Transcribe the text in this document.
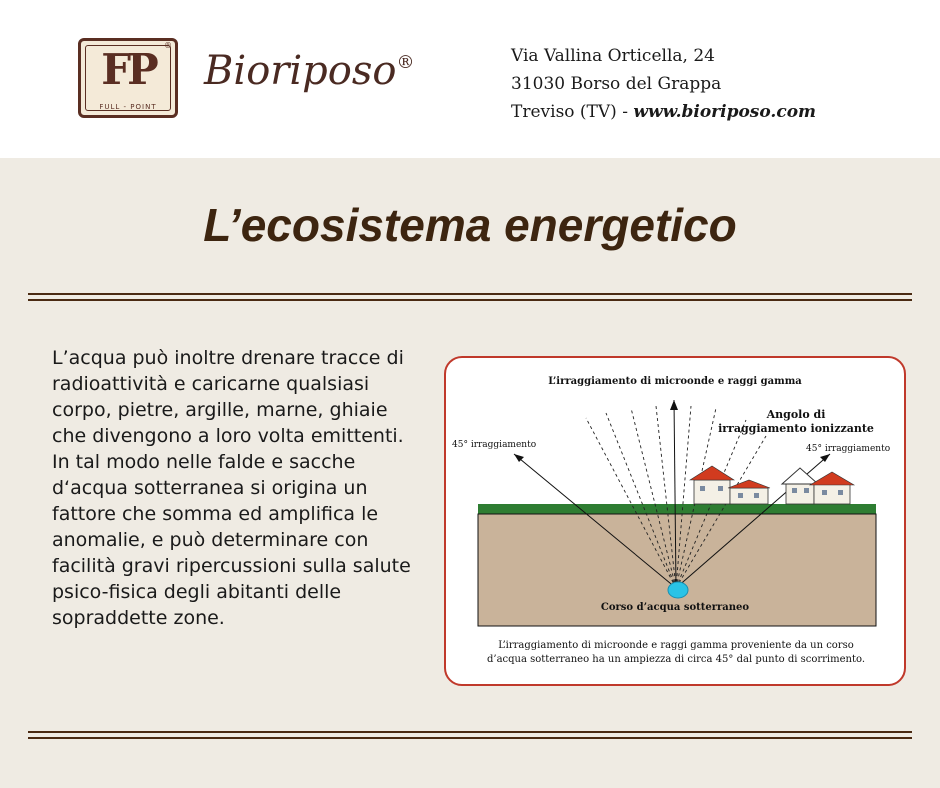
FP
FULL - POINT
®
Bioriposo®	Via Vallina Orticella, 24
31030 Borso del Grappa
Treviso (TV) - www.bioriposo.com
L’ecosistema energetico
L’acqua può inoltre drenare tracce di radioattività e caricarne qualsiasi corpo, pietre, argille, marne, ghiaie che divengono a loro volta emittenti. In tal modo nelle falde e sacche d‘acqua sotterranea si origina un fattore che somma ed amplifica le anomalie, e può determinare con facilità gravi ripercussioni sulla salute psico-fisica degli abitanti delle sopraddette zone.
L’irraggiamento di microonde e raggi gamma
Angolo di
irraggiamento ionizzante
45° irraggiamento	45° irraggiamento
Corso d’acqua sotterraneo
L’irraggiamento di microonde e raggi gamma proveniente da un corso
d’acqua sotterraneo ha un ampiezza di circa 45° dal punto di scorrimento.
